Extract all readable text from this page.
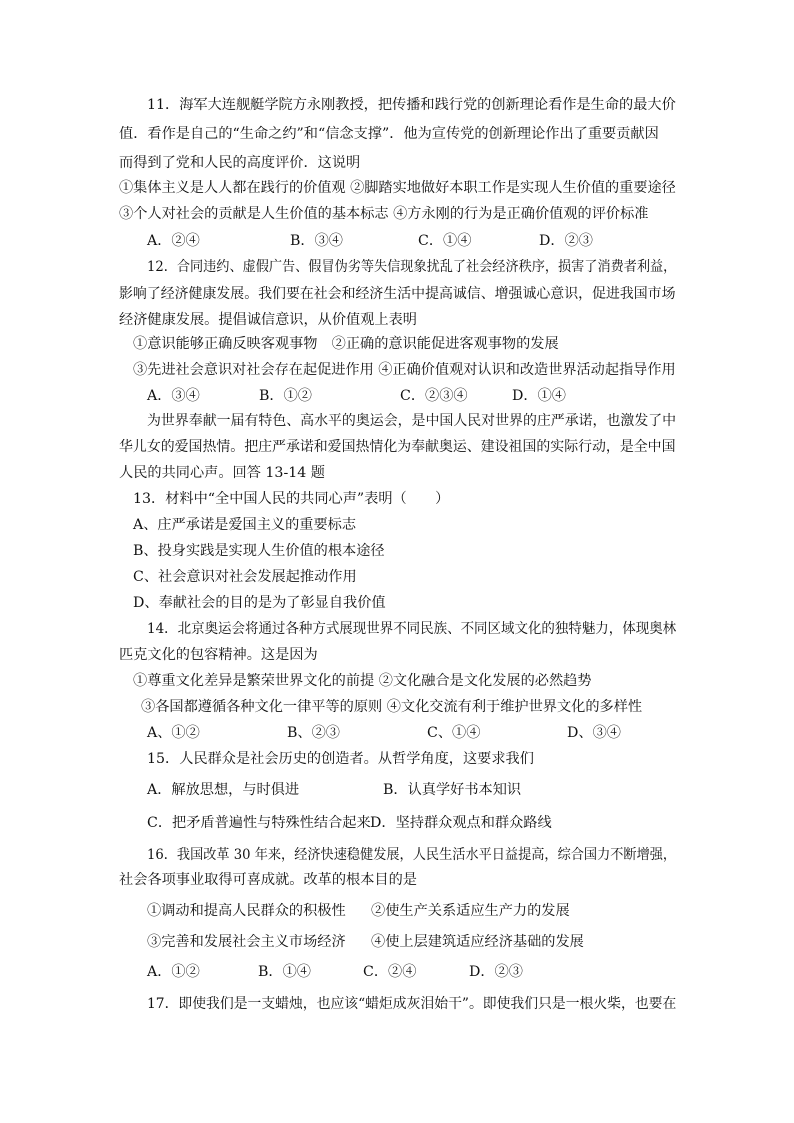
11．海军大连舰艇学院方永刚教授，把传播和践行党的创新理论看作是生命的最大价
值．看作是自己的“生命之约”和“信念支撑”．他为宣传党的创新理论作出了重要贡献因
而得到了党和人民的高度评价．这说明
①集体主义是人人都在践行的价值观 ②脚踏实地做好本职工作是实现人生价值的重要途径
③个人对社会的贡献是人生价值的基本标志 ④方永刚的行为是正确价值观的评价标准
A．②④	B．③④	C．①④	D．②③
12．合同违约、虚假广告、假冒伪劣等失信现象扰乱了社会经济秩序，损害了消费者利益，
影响了经济健康发展。我们要在社会和经济生活中提高诚信、增强诚心意识，促进我国市场
经济健康发展。提倡诚信意识，从价值观上表明
①意识能够正确反映客观事物　②正确的意识能促进客观事物的发展
③先进社会意识对社会存在起促进作用 ④正确价值观对认识和改造世界活动起指导作用
A．③④	B．①②	C．②③④	D．①④
为世界奉献一届有特色、高水平的奥运会，是中国人民对世界的庄严承诺，也激发了中
华儿女的爱国热情。把庄严承诺和爱国热情化为奉献奥运、建设祖国的实际行动，是全中国
人民的共同心声。回答 13-14 题
13．材料中“全中国人民的共同心声”表明（　　）
A、庄严承诺是爱国主义的重要标志
B、投身实践是实现人生价值的根本途径
C、社会意识对社会发展起推动作用
D、奉献社会的目的是为了彰显自我价值
14．北京奥运会将通过各种方式展现世界不同民族、不同区域文化的独特魅力，体现奥林
匹克文化的包容精神。这是因为
①尊重文化差异是繁荣世界文化的前提 ②文化融合是文化发展的必然趋势
③各国都遵循各种文化一律平等的原则 ④文化交流有利于维护世界文化的多样性
A、①②	B、②③	C、①④	D、③④
15．人民群众是社会历史的创造者。从哲学角度，这要求我们
A．解放思想，与时俱进	B．认真学好书本知识
C．把矛盾普遍性与特殊性结合起来 D．坚持群众观点和群众路线
16．我国改革 30 年来，经济快速稳健发展，人民生活水平日益提高，综合国力不断增强，
社会各项事业取得可喜成就。改革的根本目的是
①调动和提高人民群众的积极性 ②使生产关系适应生产力的发展
③完善和发展社会主义市场经济 ④使上层建筑适应经济基础的发展
A．①②	B．①④	C．②④	D．②③
17．即使我们是一支蜡烛，也应该“蜡炬成灰泪始干”。即使我们只是一根火柴，也要在
